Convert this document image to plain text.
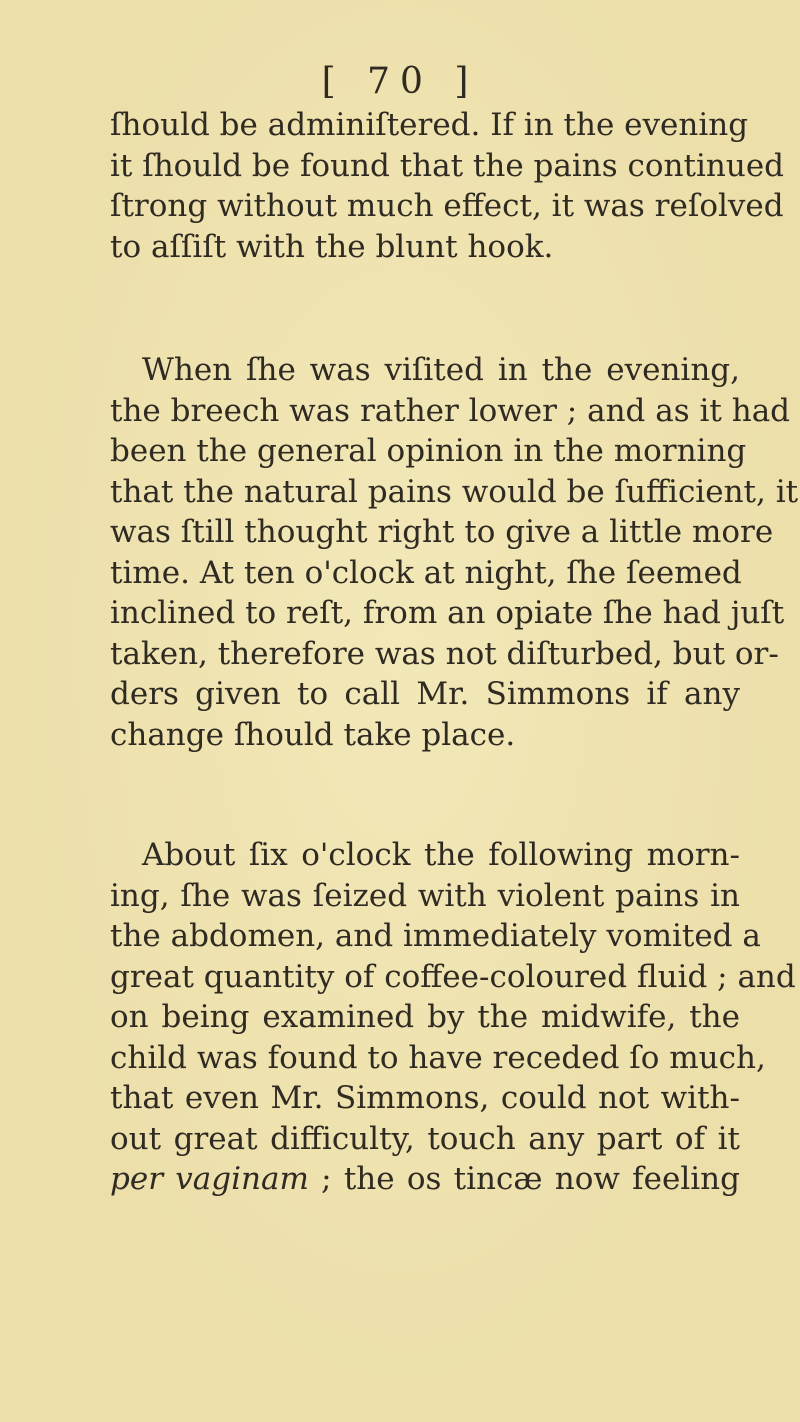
[ 70 ]
ſhould be adminiſtered. If in the evening
it ſhould be found that the pains continued
ſtrong without much effect, it was reſolved
to aſſiſt with the blunt hook.
When ſhe was viſited in the evening,
the breech was rather lower ; and as it had
been the general opinion in the morning
that the natural pains would be ſufficient, it
was ſtill thought right to give a little more
time. At ten o'clock at night, ſhe ſeemed
inclined to reſt, from an opiate ſhe had juſt
taken, therefore was not diſturbed, but or-
ders given to call Mr. Simmons if any
change ſhould take place.
About ſix o'clock the following morn-
ing, ſhe was ſeized with violent pains in
the abdomen, and immediately vomited a
great quantity of coffee-coloured fluid ; and
on being examined by the midwife, the
child was found to have receded ſo much,
that even Mr. Simmons, could not with-
out great difficulty, touch any part of it
per vaginam ; the os tincæ now feeling
